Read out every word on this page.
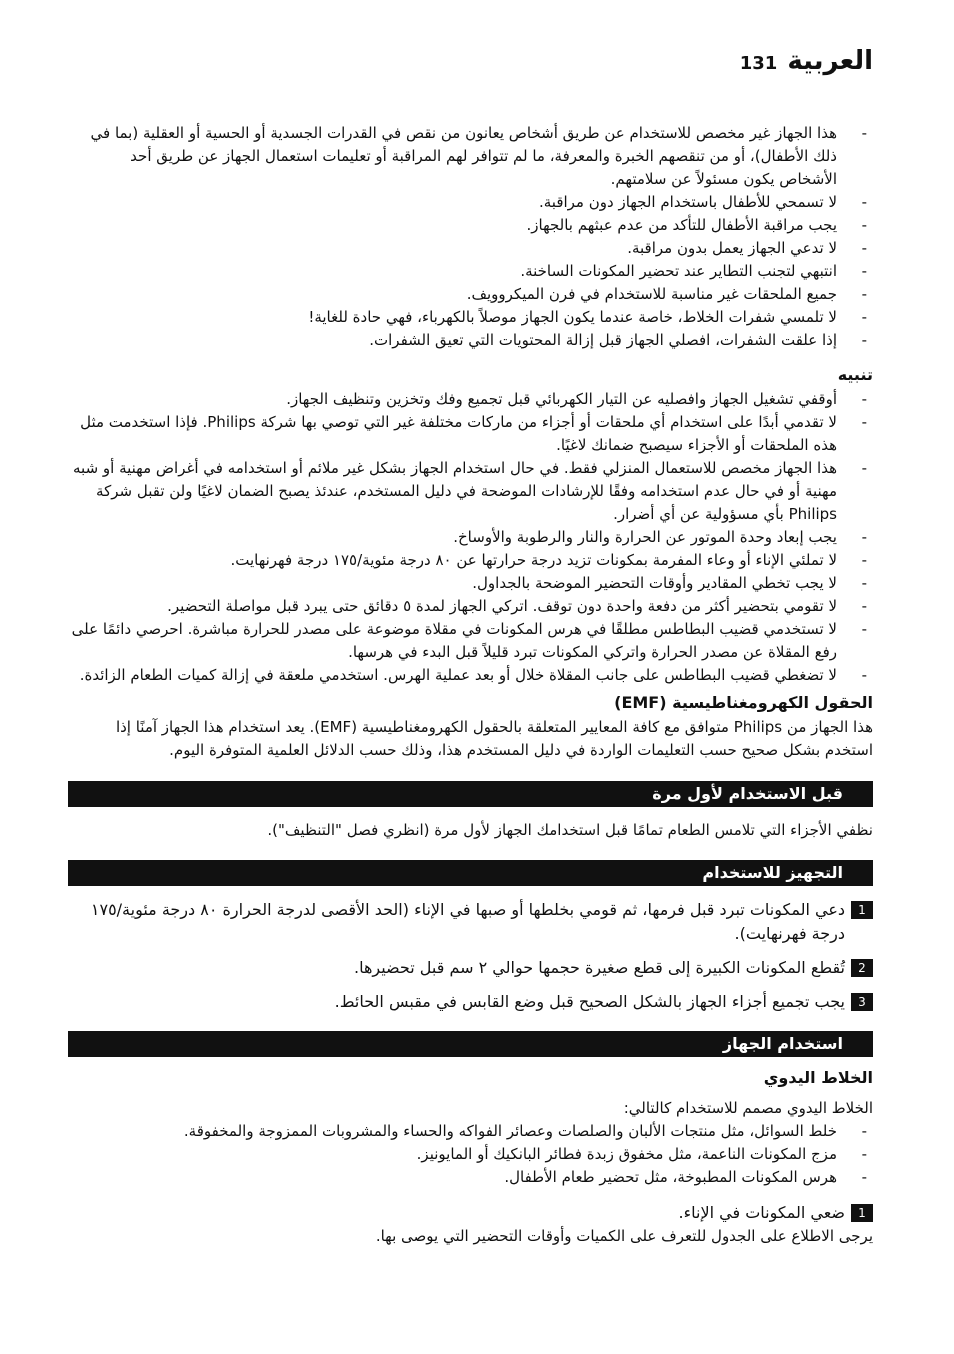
العربية
131
- هذا الجهاز غير مخصص للاستخدام عن طريق أشخاص يعانون من نقص في القدرات الجسدية أو الحسية أو العقلية (بما في ذلك الأطفال)، أو من تنقصهم الخبرة والمعرفة، ما لم تتوافر لهم المراقبة أو تعليمات استعمال الجهاز عن طريق أحد الأشخاص يكون مسئولاً عن سلامتهم.
- لا تسمحي للأطفال باستخدام الجهاز دون مراقبة.
- يجب مراقبة الأطفال للتأكد من عدم عبثهم بالجهاز.
- لا تدعي الجهاز يعمل بدون مراقبة.
- انتبهي لتجنب التطاير عند تحضير المكونات الساخنة.
- جميع الملحقات غير مناسبة للاستخدام في فرن الميكروويف.
- لا تلمسي شفرات الخلاط، خاصة عندما يكون الجهاز موصلاً بالكهرباء، فهي حادة للغاية!
- إذا علقت الشفرات، افصلي الجهاز قبل إزالة المحتويات التي تعيق الشفرات.
تنبيه
- أوقفي تشغيل الجهاز وافصليه عن التيار الكهربائي قبل تجميع وفك وتخزين وتنظيف الجهاز.
- لا تقدمي أبدًا على استخدام أي ملحقات أو أجزاء من ماركات مختلفة غير التي توصي بها شركة Philips. فإذا استخدمت مثل هذه الملحقات أو الأجزاء سيصبح ضمانك لاغيًا.
- هذا الجهاز مخصص للاستعمال المنزلي فقط. في حال استخدام الجهاز بشكل غير ملائم أو استخدامه في أغراض مهنية أو شبه مهنية أو في حال عدم استخدامه وفقًا للإرشادات الموضحة في دليل المستخدم، عندئذ يصبح الضمان لاغيًا ولن تقبل شركة Philips بأي مسؤولية عن أي أضرار.
- يجب إبعاد وحدة الموتور عن الحرارة والنار والرطوبة والأوساخ.
- لا تملئي الإناء أو وعاء المفرمة بمكونات تزيد درجة حرارتها عن ٨٠ درجة مئوية/١٧٥ درجة فهرنهايت.
- لا يجب تخطي المقادير وأوقات التحضير الموضحة بالجداول.
- لا تقومي بتحضير أكثر من دفعة واحدة دون توقف. اتركي الجهاز لمدة ٥ دقائق حتى يبرد قبل مواصلة التحضير.
- لا تستخدمي قضيب البطاطس مطلقًا في هرس المكونات في مقلاة موضوعة على مصدر للحرارة مباشرة. احرصي دائمًا على رفع المقلاة عن مصدر الحرارة واتركي المكونات تبرد قليلاً قبل البدء في هرسها.
- لا تضغطي قضيب البطاطس على جانب المقلاة خلال أو بعد عملية الهرس. استخدمي ملعقة في إزالة كميات الطعام الزائدة.
الحقول الكهرومغناطيسية (EMF)

هذا الجهاز من Philips متوافق مع كافة المعايير المتعلقة بالحقول الكهرومغناطيسية (EMF). يعد استخدام هذا الجهاز آمنًا إذا استخدم بشكل صحيح حسب التعليمات الواردة في دليل المستخدم هذا، وذلك حسب الدلائل العلمية المتوفرة اليوم.

قبل الاستخدام لأول مرة

نظفي الأجزاء التي تلامس الطعام تمامًا قبل استخدامك الجهاز لأول مرة (انظري فصل "التنظيف").

التجهيز للاستخدام
1
دعي المكونات تبرد قبل فرمها، ثم قومي بخلطها أو صبها في الإناء (الحد الأقصى لدرجة الحرارة ٨٠ درجة مئوية/١٧٥ درجة فهرنهايت).
2
تُقطع المكونات الكبيرة إلى قطع صغيرة حجمها حوالي ٢ سم قبل تحضيرها.
3
يجب تجميع أجزاء الجهاز بالشكل الصحيح قبل وضع القابس في مقبس الحائط.
استخدام الجهاز
الخلاط اليدوي

الخلاط اليدوي مصمم للاستخدام كالتالي:

- خلط السوائل، مثل منتجات الألبان والصلصات وعصائر الفواكه والحساء والمشروبات الممزوجة والمخفوقة.
- مزج المكونات الناعمة، مثل مخفوق زبدة فطائر البانكيك أو المايونيز.
- هرس المكونات المطبوخة، مثل تحضير طعام الأطفال.
1
ضعي المكونات في الإناء.

يرجى الاطلاع على الجدول للتعرف على الكميات وأوقات التحضير التي يوصى بها.
